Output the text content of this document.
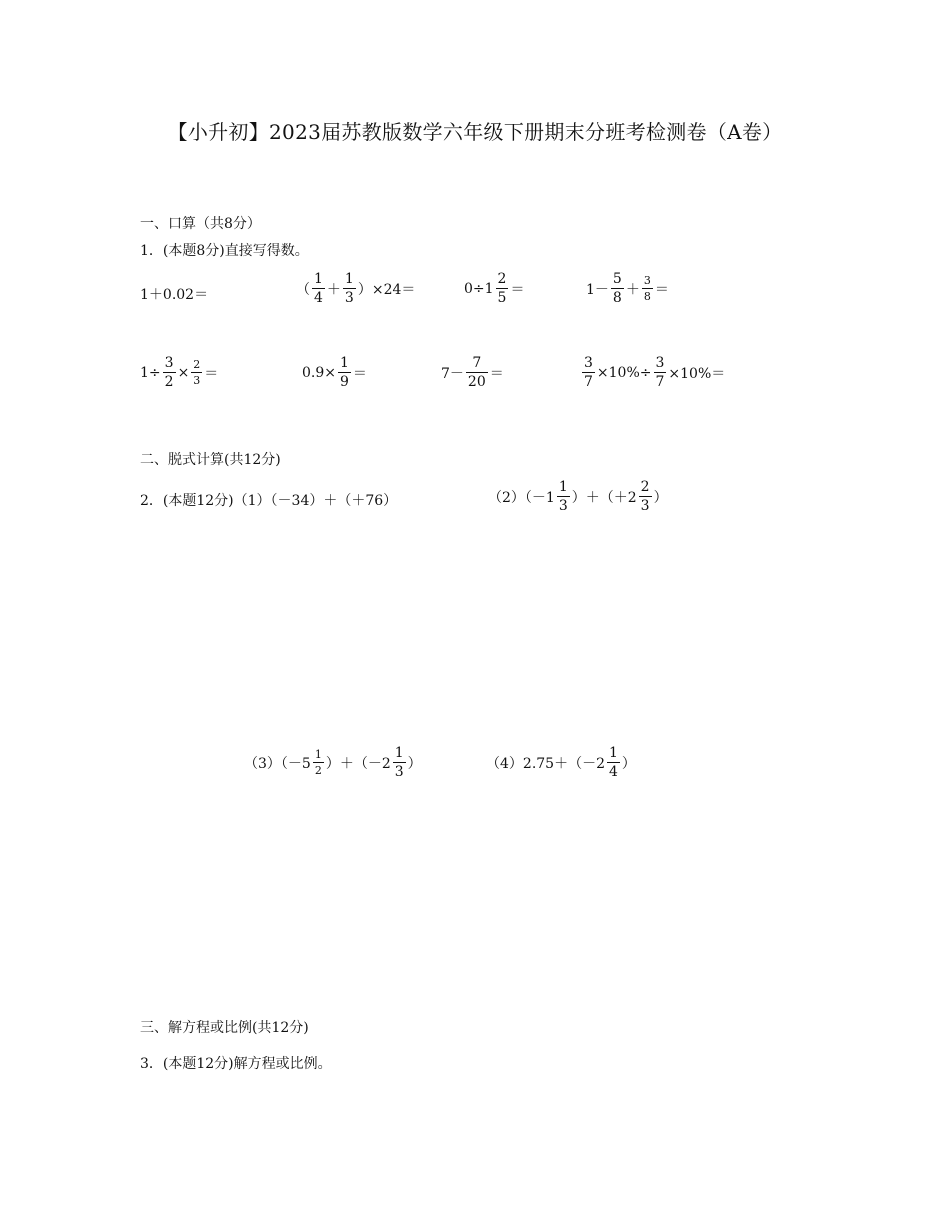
【小升初】2023届苏教版数学六年级下册期末分班考检测卷（A卷）
一、口算（共8分）
1．(本题8分)直接写得数。
1＋0.02＝	（ $\frac{1}{4} + \frac{1}{3} )\times 24=$	$0\div 1 \frac{2}{5}$ ＝	$1- \frac{5}{8} + \frac{3}{8}$ ＝
$1\div \frac{3}{2} \times \frac{2}{3}$ ＝	$0.9\times \frac{1}{9}$ ＝	$7- \frac{7}{20}$ ＝	$\frac{3}{7} \times 10\%\div \frac{3}{7} \times 10\%=$
二、脱式计算(共12分)
2．(本题12分)（1）（－34）＋（＋76）	$(2)(-1 \frac{1}{3} )+(+2 \frac{2}{3}$ ）
$(3)(-5 \frac{1}{2} )+(-2 \frac{1}{3}$ ）	$(4)2.75+(-2 \frac{1}{4}$ ）
三、解方程或比例(共12分)
3．(本题12分)解方程或比例。
